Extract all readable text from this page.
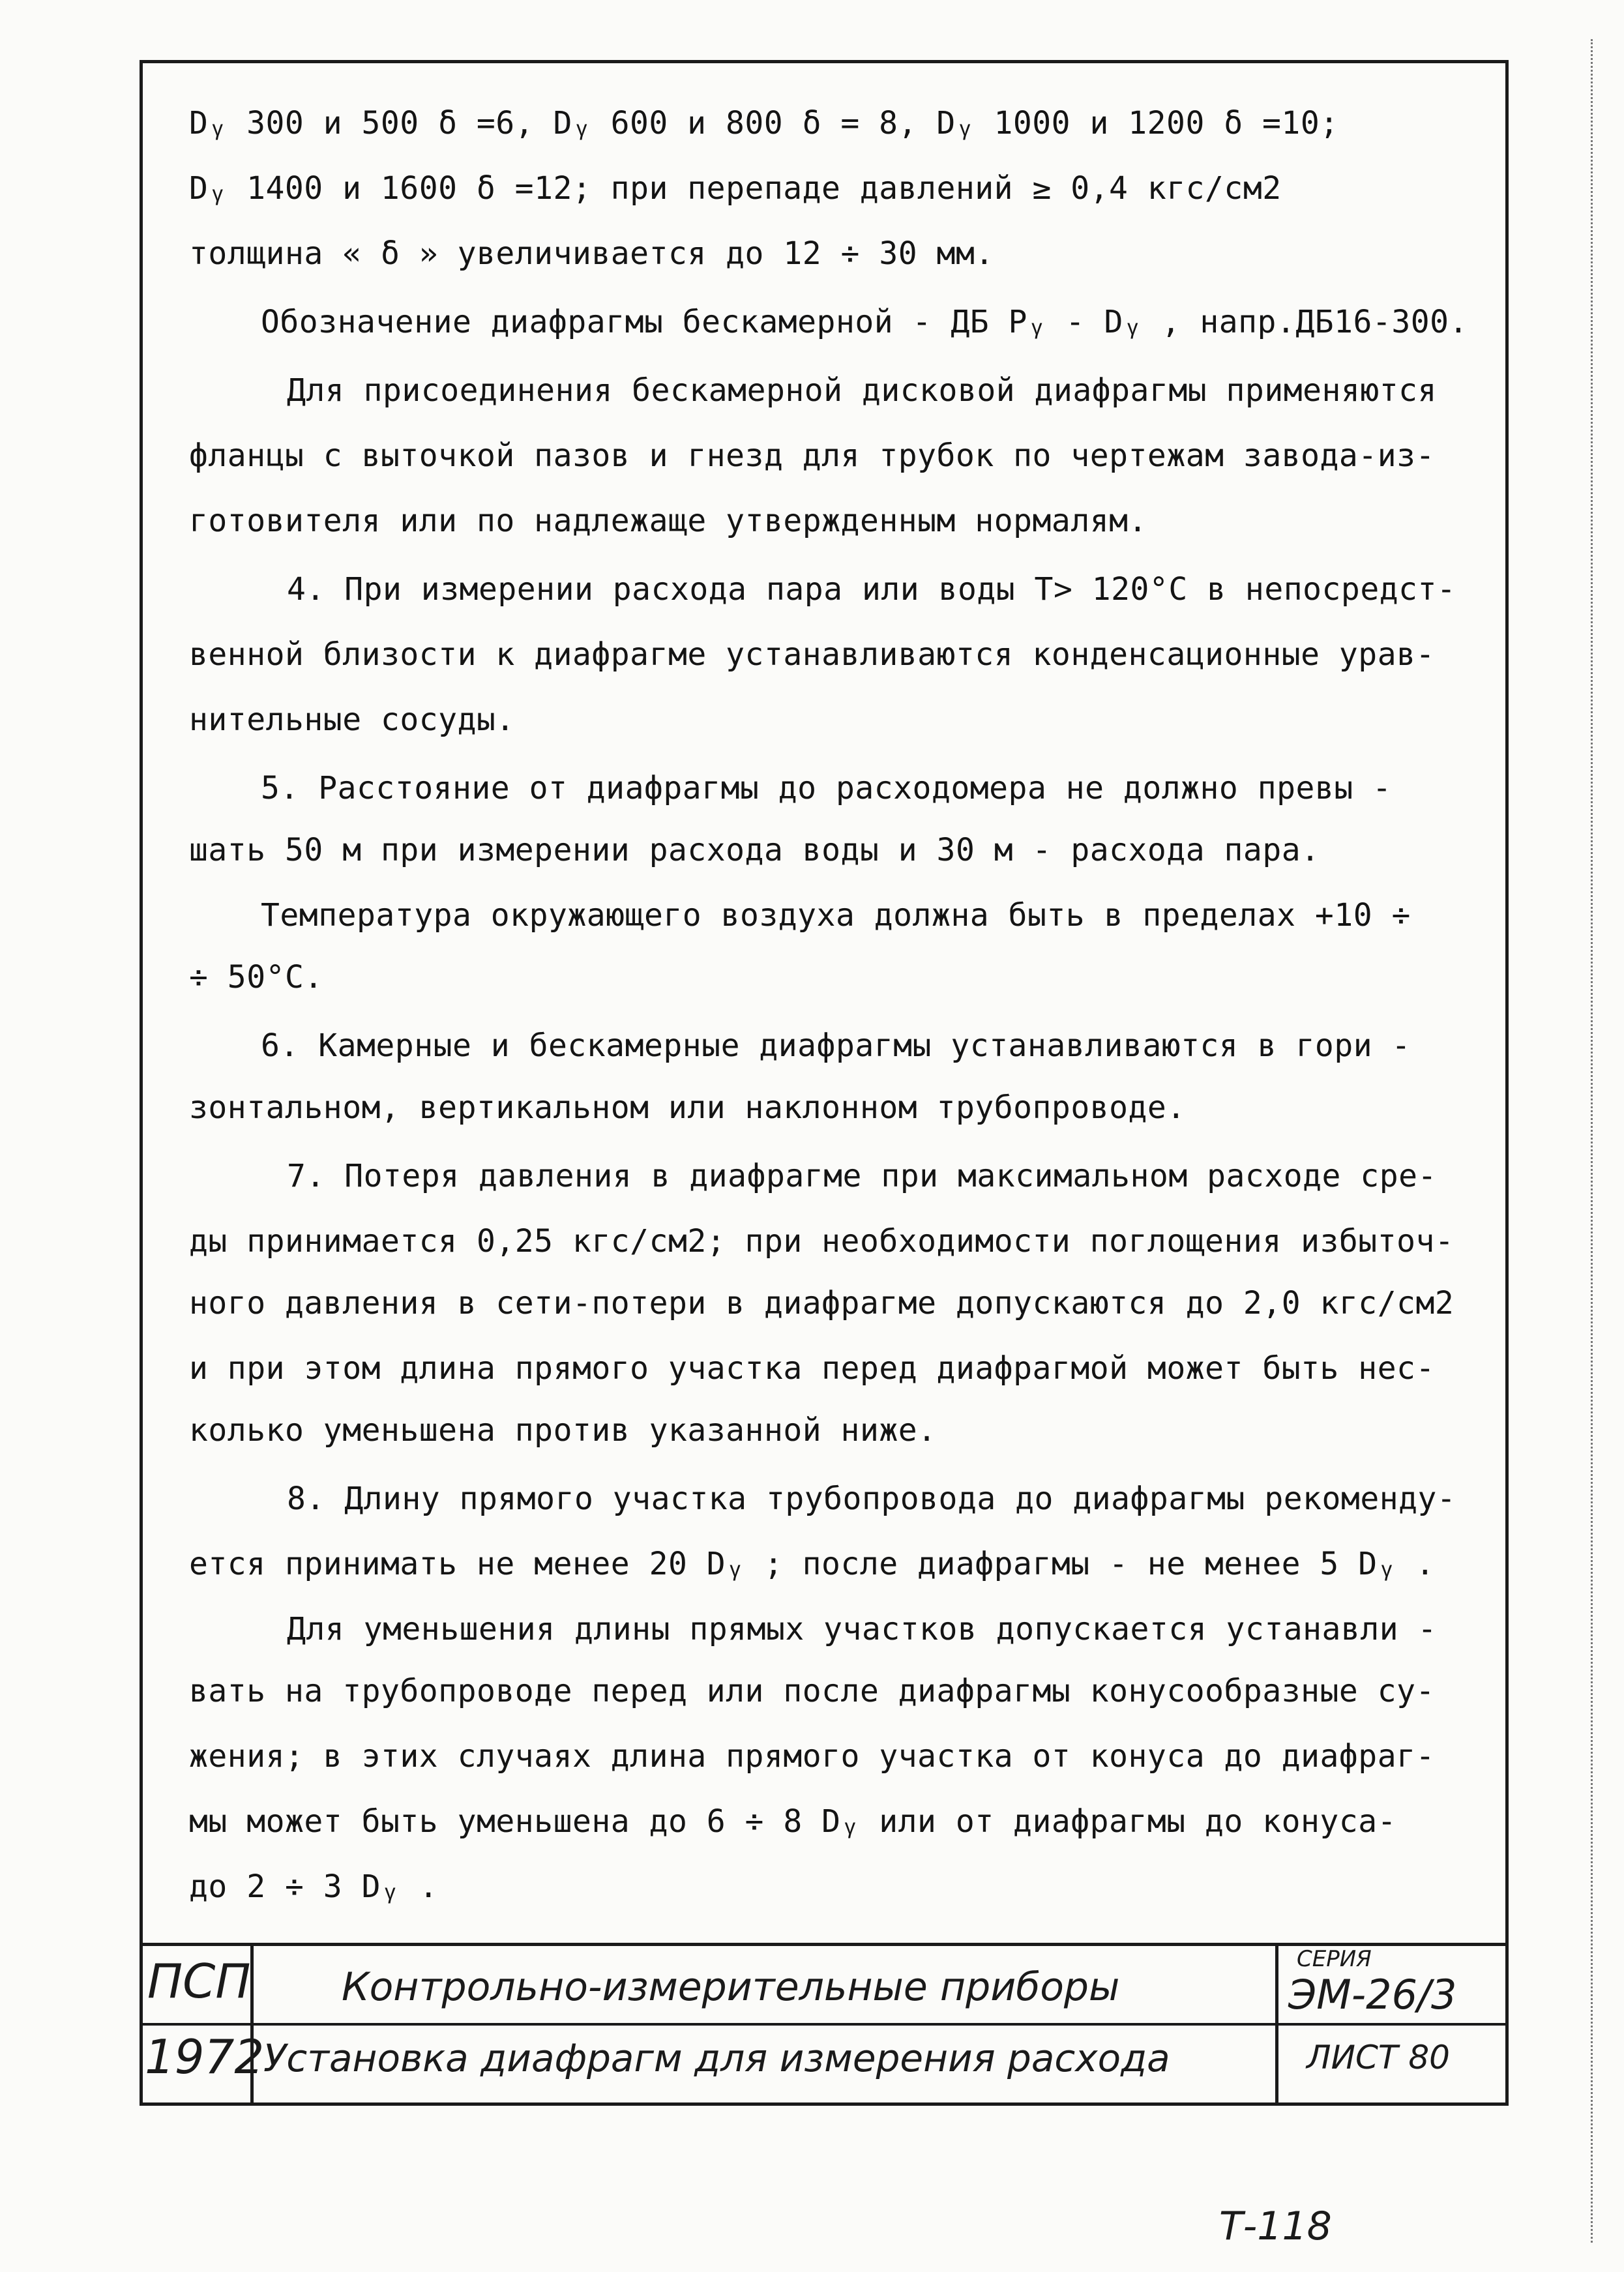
Dᵧ 300 и 500 δ =6, Dᵧ 600 и 800 δ = 8, Dᵧ 1000 и 1200 δ =10;
Dᵧ 1400 и 1600 δ =12; при перепаде давлений ≥ 0,4 кгс/см2
толщина « δ » увеличивается до 12 ÷ 30 мм.
Обозначение диафрагмы бескамерной - ДБ Pᵧ - Dᵧ , напр.ДБ16-300.
Для присоединения бескамерной дисковой диафрагмы применяются
фланцы с выточкой пазов и гнезд для трубок по чертежам завода-из-
готовителя или по надлежаще утвержденным нормалям.
4. При измерении расхода пара или воды T> 120°C в непосредст-
венной близости к диафрагме устанавливаются конденсационные урав-
нительные сосуды.
5. Расстояние от диафрагмы до расходомера не должно превы -
шать 50 м при измерении расхода воды и 30 м - расхода пара.
Температура окружающего воздуха должна быть в пределах +10 ÷
÷ 50°C.
6. Камерные и бескамерные диафрагмы устанавливаются в гори -
зонтальном, вертикальном или наклонном трубопроводе.
7. Потеря давления в диафрагме при максимальном расходе сре-
ды принимается 0,25 кгс/см2; при необходимости поглощения избыточ-
ного давления в сети-потери в диафрагме допускаются до 2,0 кгс/см2
и при этом длина прямого участка перед диафрагмой может быть нес-
колько уменьшена против указанной ниже.
8. Длину прямого участка трубопровода до диафрагмы рекоменду-
ется принимать не менее 20 Dᵧ ; после диафрагмы - не менее 5 Dᵧ .
Для уменьшения длины прямых участков допускается устанавли -
вать на трубопроводе перед или после диафрагмы конусообразные су-
жения; в этих случаях длина прямого участка от конуса до диафраг-
мы может быть уменьшена до 6 ÷ 8 Dᵧ или от диафрагмы до конуса-
до 2 ÷ 3 Dᵧ .
ПСП
1972
Контрольно-измерительные приборы
Установка диафрагм для измерения расхода
СЕРИЯ
ЭМ-26/3
ЛИСТ 80
Т-118
